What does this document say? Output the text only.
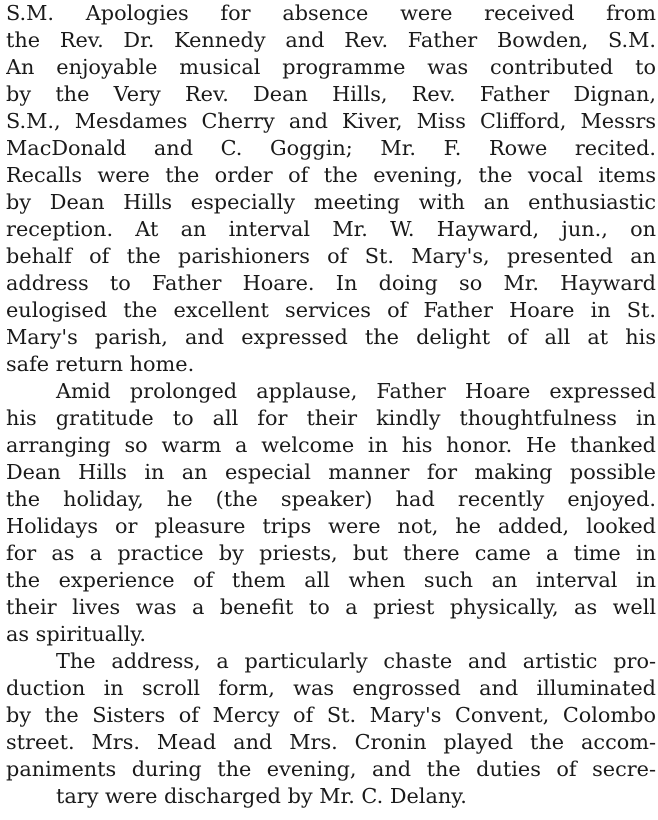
S.M. Apologies for absence were received from
the Rev. Dr. Kennedy and Rev. Father Bowden, S.M.
An enjoyable musical programme was contributed to
by the Very Rev. Dean Hills, Rev. Father Dignan,
S.M., Mesdames Cherry and Kiver, Miss Clifford, Messrs
MacDonald and C. Goggin; Mr. F. Rowe recited.
Recalls were the order of the evening, the vocal items
by Dean Hills especially meeting with an enthusiastic
reception. At an interval Mr. W. Hayward, jun., on
behalf of the parishioners of St. Mary's, presented an
address to Father Hoare. In doing so Mr. Hayward
eulogised the excellent services of Father Hoare in St.
Mary's parish, and expressed the delight of all at his
safe return home.
Amid prolonged applause, Father Hoare expressed
his gratitude to all for their kindly thoughtfulness in
arranging so warm a welcome in his honor. He thanked
Dean Hills in an especial manner for making possible
the holiday, he (the speaker) had recently enjoyed.
Holidays or pleasure trips were not, he added, looked
for as a practice by priests, but there came a time in
the experience of them all when such an interval in
their lives was a benefit to a priest physically, as well
as spiritually.
The address, a particularly chaste and artistic pro-
duction in scroll form, was engrossed and illuminated
by the Sisters of Mercy of St. Mary's Convent, Colombo
street. Mrs. Mead and Mrs. Cronin played the accom-
paniments during the evening, and the duties of secre-
tary were discharged by Mr. C. Delany.
